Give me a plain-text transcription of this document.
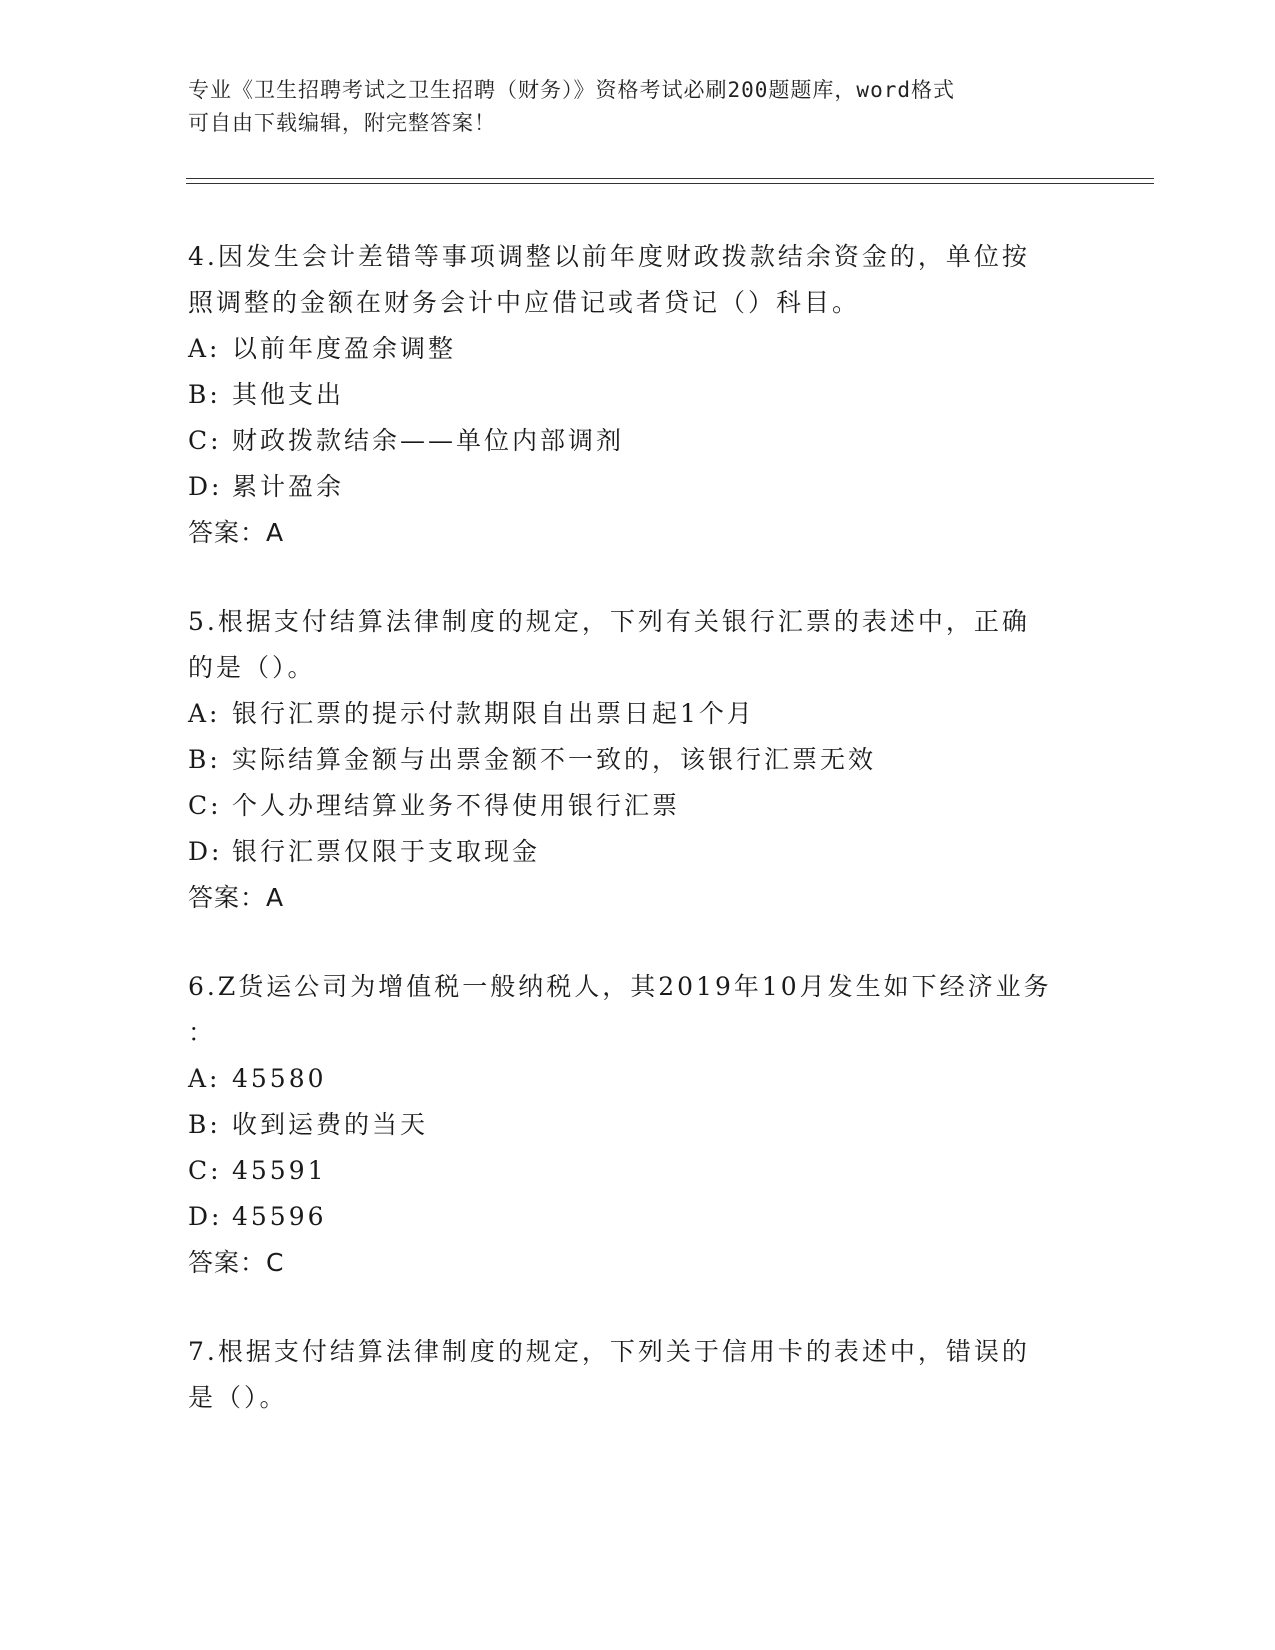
专业《卫生招聘考试之卫生招聘（财务）》资格考试必刷200题题库，word格式
可自由下载编辑，附完整答案！

4.因发生会计差错等事项调整以前年度财政拨款结余资金的，单位按

照调整的金额在财务会计中应借记或者贷记（）科目。

A: 以前年度盈余调整

B: 其他支出

C: 财政拨款结余——单位内部调剂

D: 累计盈余

答案：A

5.根据支付结算法律制度的规定，下列有关银行汇票的表述中，正确

的是（）。

A: 银行汇票的提示付款期限自出票日起1个月

B: 实际结算金额与出票金额不一致的，该银行汇票无效

C: 个人办理结算业务不得使用银行汇票

D: 银行汇票仅限于支取现金

答案：A

6.Z货运公司为增值税一般纳税人，其2019年10月发生如下经济业务

：

A: 45580

B: 收到运费的当天

C: 45591

D: 45596

答案：C

7.根据支付结算法律制度的规定，下列关于信用卡的表述中，错误的

是（）。
